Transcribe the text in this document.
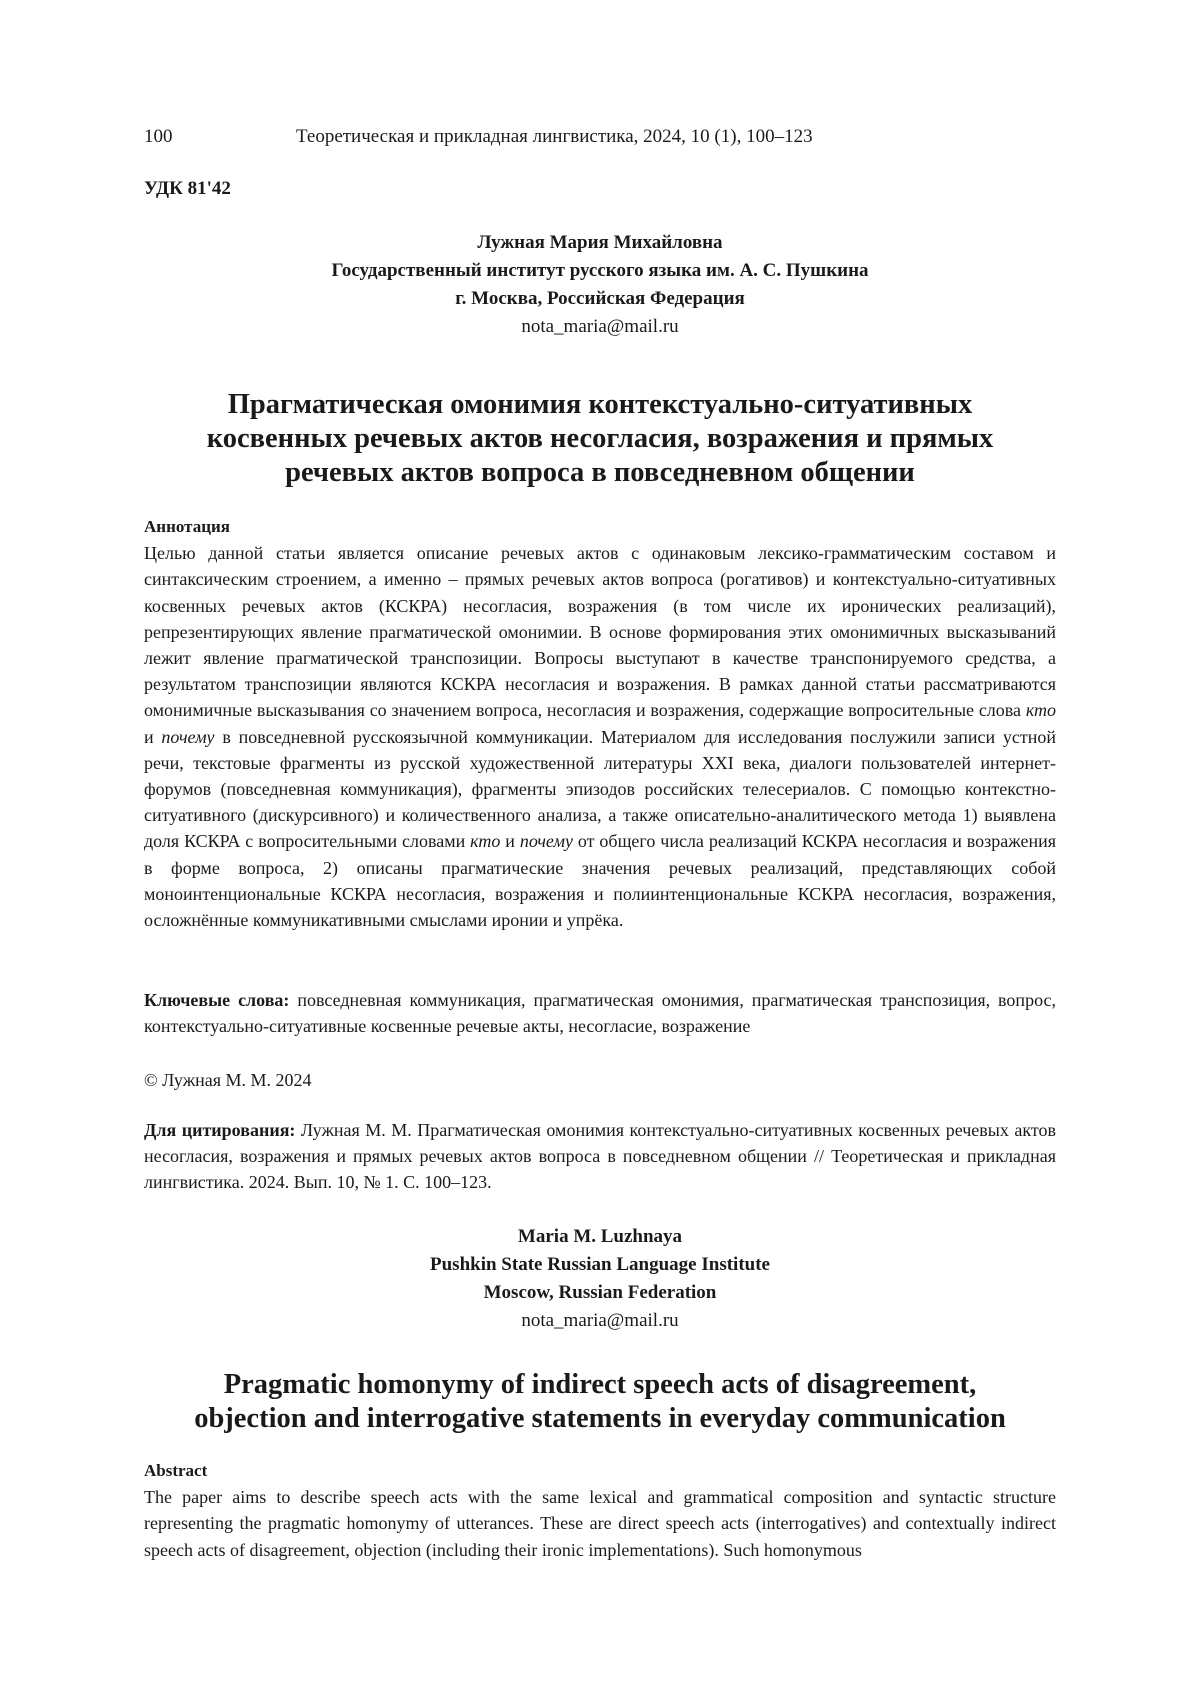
100	Теоретическая и прикладная лингвистика, 2024, 10 (1), 100–123
УДК 81'42
Лужная Мария Михайловна
Государственный институт русского языка им. А. С. Пушкина
г. Москва, Российская Федерация
nota_maria@mail.ru
Прагматическая омонимия контекстуально-ситуативных
косвенных речевых актов несогласия, возражения и прямых
речевых актов вопроса в повседневном общении
Аннотация
Целью данной статьи является описание речевых актов с одинаковым лексико-грамматическим составом и синтаксическим строением, а именно – прямых речевых актов вопроса (рогативов) и контекстуально-ситуативных косвенных речевых актов (КСКРА) несогласия, возражения (в том числе их иронических реализаций), репрезентирующих явление прагматической омонимии. В основе формирования этих омонимичных высказываний лежит явление прагматической транспозиции. Вопросы выступают в качестве транспонируемого средства, а результатом транспозиции являются КСКРА несогласия и возражения. В рамках данной статьи рассматриваются омонимичные высказывания со значением вопроса, несогласия и возражения, содержащие вопросительные слова кто и почему в повседневной русскоязычной коммуникации. Материалом для исследования послужили записи устной речи, текстовые фрагменты из русской художественной литературы XXI века, диалоги пользователей интернет-форумов (повседневная коммуникация), фрагменты эпизодов российских телесериалов. С помощью контекстно-ситуативного (дискурсивного) и количественного анализа, а также описательно-аналитического метода 1) выявлена доля КСКРА с вопросительными словами кто и почему от общего числа реализаций КСКРА несогласия и возражения в форме вопроса, 2) описаны прагматические значения речевых реализаций, представляющих собой моноинтенциональные КСКРА несогласия, возражения и полиинтенциональные КСКРА несогласия, возражения, осложнённые коммуникативными смыслами иронии и упрёка.
Ключевые слова: повседневная коммуникация, прагматическая омонимия, прагматическая транспозиция, вопрос, контекстуально-ситуативные косвенные речевые акты, несогласие, возражение
© Лужная М. М. 2024
Для цитирования: Лужная М. М. Прагматическая омонимия контекстуально-ситуативных косвенных речевых актов несогласия, возражения и прямых речевых актов вопроса в повседневном общении // Теоретическая и прикладная лингвистика. 2024. Вып. 10, № 1. С. 100–123.
Maria M. Luzhnaya
Pushkin State Russian Language Institute
Moscow, Russian Federation
nota_maria@mail.ru
Pragmatic homonymy of indirect speech acts of disagreement,
objection and interrogative statements in everyday communication
Abstract
The paper aims to describe speech acts with the same lexical and grammatical composition and syntactic structure representing the pragmatic homonymy of utterances. These are direct speech acts (interrogatives) and contextually indirect speech acts of disagreement, objection (including their ironic implementations). Such homonymous
